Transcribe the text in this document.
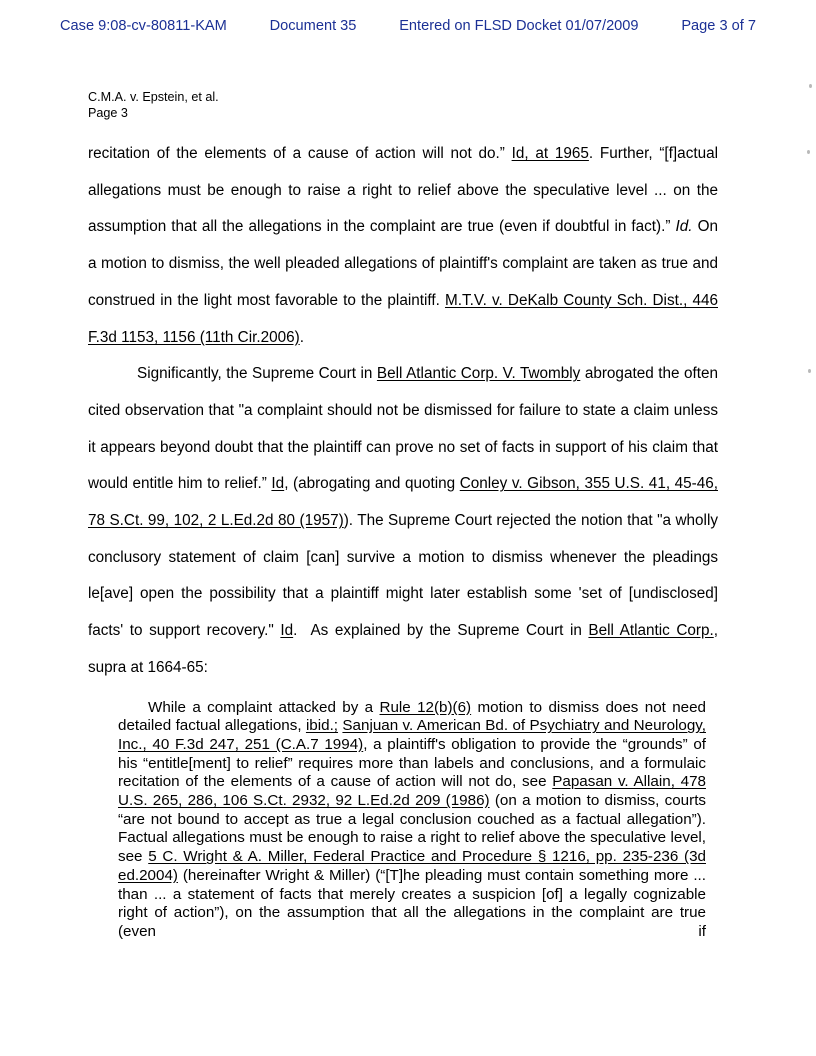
Case 9:08-cv-80811-KAM	Document 35	Entered on FLSD Docket 01/07/2009	Page 3 of 7
C.M.A. v. Epstein, et al.
Page 3

recitation of the elements of a cause of action will not do.” Id, at 1965. Further, “[f]actual allegations must be enough to raise a right to relief above the speculative level ... on the assumption that all the allegations in the complaint are true (even if doubtful in fact).” Id. On a motion to dismiss, the well pleaded allegations of plaintiff's complaint are taken as true and construed in the light most favorable to the plaintiff. M.T.V. v. DeKalb County Sch. Dist., 446 F.3d 1153, 1156 (11th Cir.2006).

Significantly, the Supreme Court in Bell Atlantic Corp. V. Twombly abrogated the often cited observation that "a complaint should not be dismissed for failure to state a claim unless it appears beyond doubt that the plaintiff can prove no set of facts in support of his claim that would entitle him to relief.” Id, (abrogating and quoting Conley v. Gibson, 355 U.S. 41, 45-46, 78 S.Ct. 99, 102, 2 L.Ed.2d 80 (1957)). The Supreme Court rejected the notion that "a wholly conclusory statement of claim [can] survive a motion to dismiss whenever the pleadings le[ave] open the possibility that a plaintiff might later establish some 'set of [undisclosed] facts' to support recovery." Id.  As explained by the Supreme Court in Bell Atlantic Corp., supra at 1664-65:

While a complaint attacked by a Rule 12(b)(6) motion to dismiss does not need detailed factual allegations, ibid.; Sanjuan v. American Bd. of Psychiatry and Neurology, Inc., 40 F.3d 247, 251 (C.A.7 1994), a plaintiff's obligation to provide the “grounds” of his “entitle[ment] to relief” requires more than labels and conclusions, and a formulaic recitation of the elements of a cause of action will not do, see Papasan v. Allain, 478 U.S. 265, 286, 106 S.Ct. 2932, 92 L.Ed.2d 209 (1986) (on a motion to dismiss, courts “are not bound to accept as true a legal conclusion couched as a factual allegation”). Factual allegations must be enough to raise a right to relief above the speculative level, see 5 C. Wright & A. Miller, Federal Practice and Procedure § 1216, pp. 235-236 (3d ed.2004) (hereinafter Wright & Miller) (“[T]he pleading must contain something more ... than ... a statement of facts that merely creates a suspicion [of] a legally cognizable right of action”), on the assumption that all the allegations in the complaint are true (even if
